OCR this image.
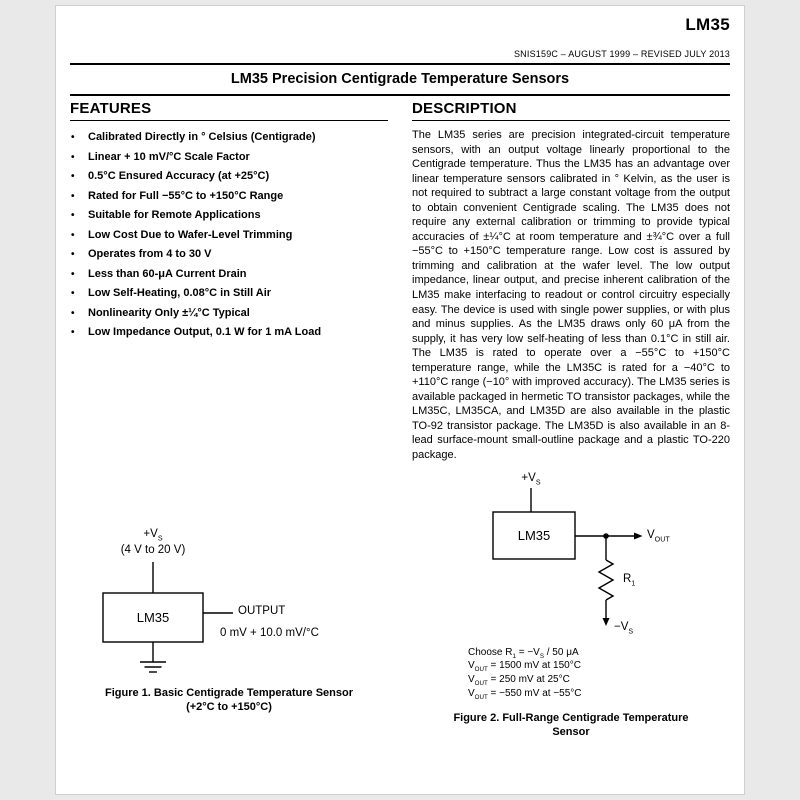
LM35
SNIS159C – AUGUST 1999 – REVISED JULY 2013
LM35 Precision Centigrade Temperature Sensors
FEATURES
•	Calibrated Directly in ° Celsius (Centigrade)
•	Linear + 10 mV/°C Scale Factor
•	0.5°C Ensured Accuracy (at +25°C)
•	Rated for Full −55°C to +150°C Range
•	Suitable for Remote Applications
•	Low Cost Due to Wafer-Level Trimming
•	Operates from 4 to 30 V
•	Less than 60-μA Current Drain
•	Low Self-Heating, 0.08°C in Still Air
•	Nonlinearity Only ±¼°C Typical
•	Low Impedance Output, 0.1 W for 1 mA Load
$+V_S$
(4 V to 20 V)
LM35	OUTPUT
0 mV + 10.0 mV/°C
Figure 1. Basic Centigrade Temperature Sensor
(+2°C to +150°C)
DESCRIPTION
The LM35 series are precision integrated-circuit temperature sensors, with an output voltage linearly proportional to the Centigrade temperature. Thus the LM35 has an advantage over linear temperature sensors calibrated in ° Kelvin, as the user is not required to subtract a large constant voltage from the output to obtain convenient Centigrade scaling. The LM35 does not require any external calibration or trimming to provide typical accuracies of ±¼°C at room temperature and ±¾°C over a full −55°C to +150°C temperature range. Low cost is assured by trimming and calibration at the wafer level. The low output impedance, linear output, and precise inherent calibration of the LM35 make interfacing to readout or control circuitry especially easy. The device is used with single power supplies, or with plus and minus supplies. As the LM35 draws only 60 μA from the supply, it has very low self-heating of less than 0.1°C in still air. The LM35 is rated to operate over a −55°C to +150°C temperature range, while the LM35C is rated for a −40°C to +110°C range (−10° with improved accuracy). The LM35 series is available packaged in hermetic TO transistor packages, while the LM35C, LM35CA, and LM35D are also available in the plastic TO-92 transistor package. The LM35D is also available in an 8-lead surface-mount small-outline package and a plastic TO-220 package.
$+V_S$
LM35	$V_{OUT}$
$R_1$
$-V_S$
Choose $R_1 = -V_S / 50$ μA
$V_{OUT} = 1500$ mV at 150°C
$V_{OUT} = 250$ mV at 25°C
$V_{OUT} = -550$ mV at −55°C
Figure 2. Full-Range Centigrade Temperature
Sensor
